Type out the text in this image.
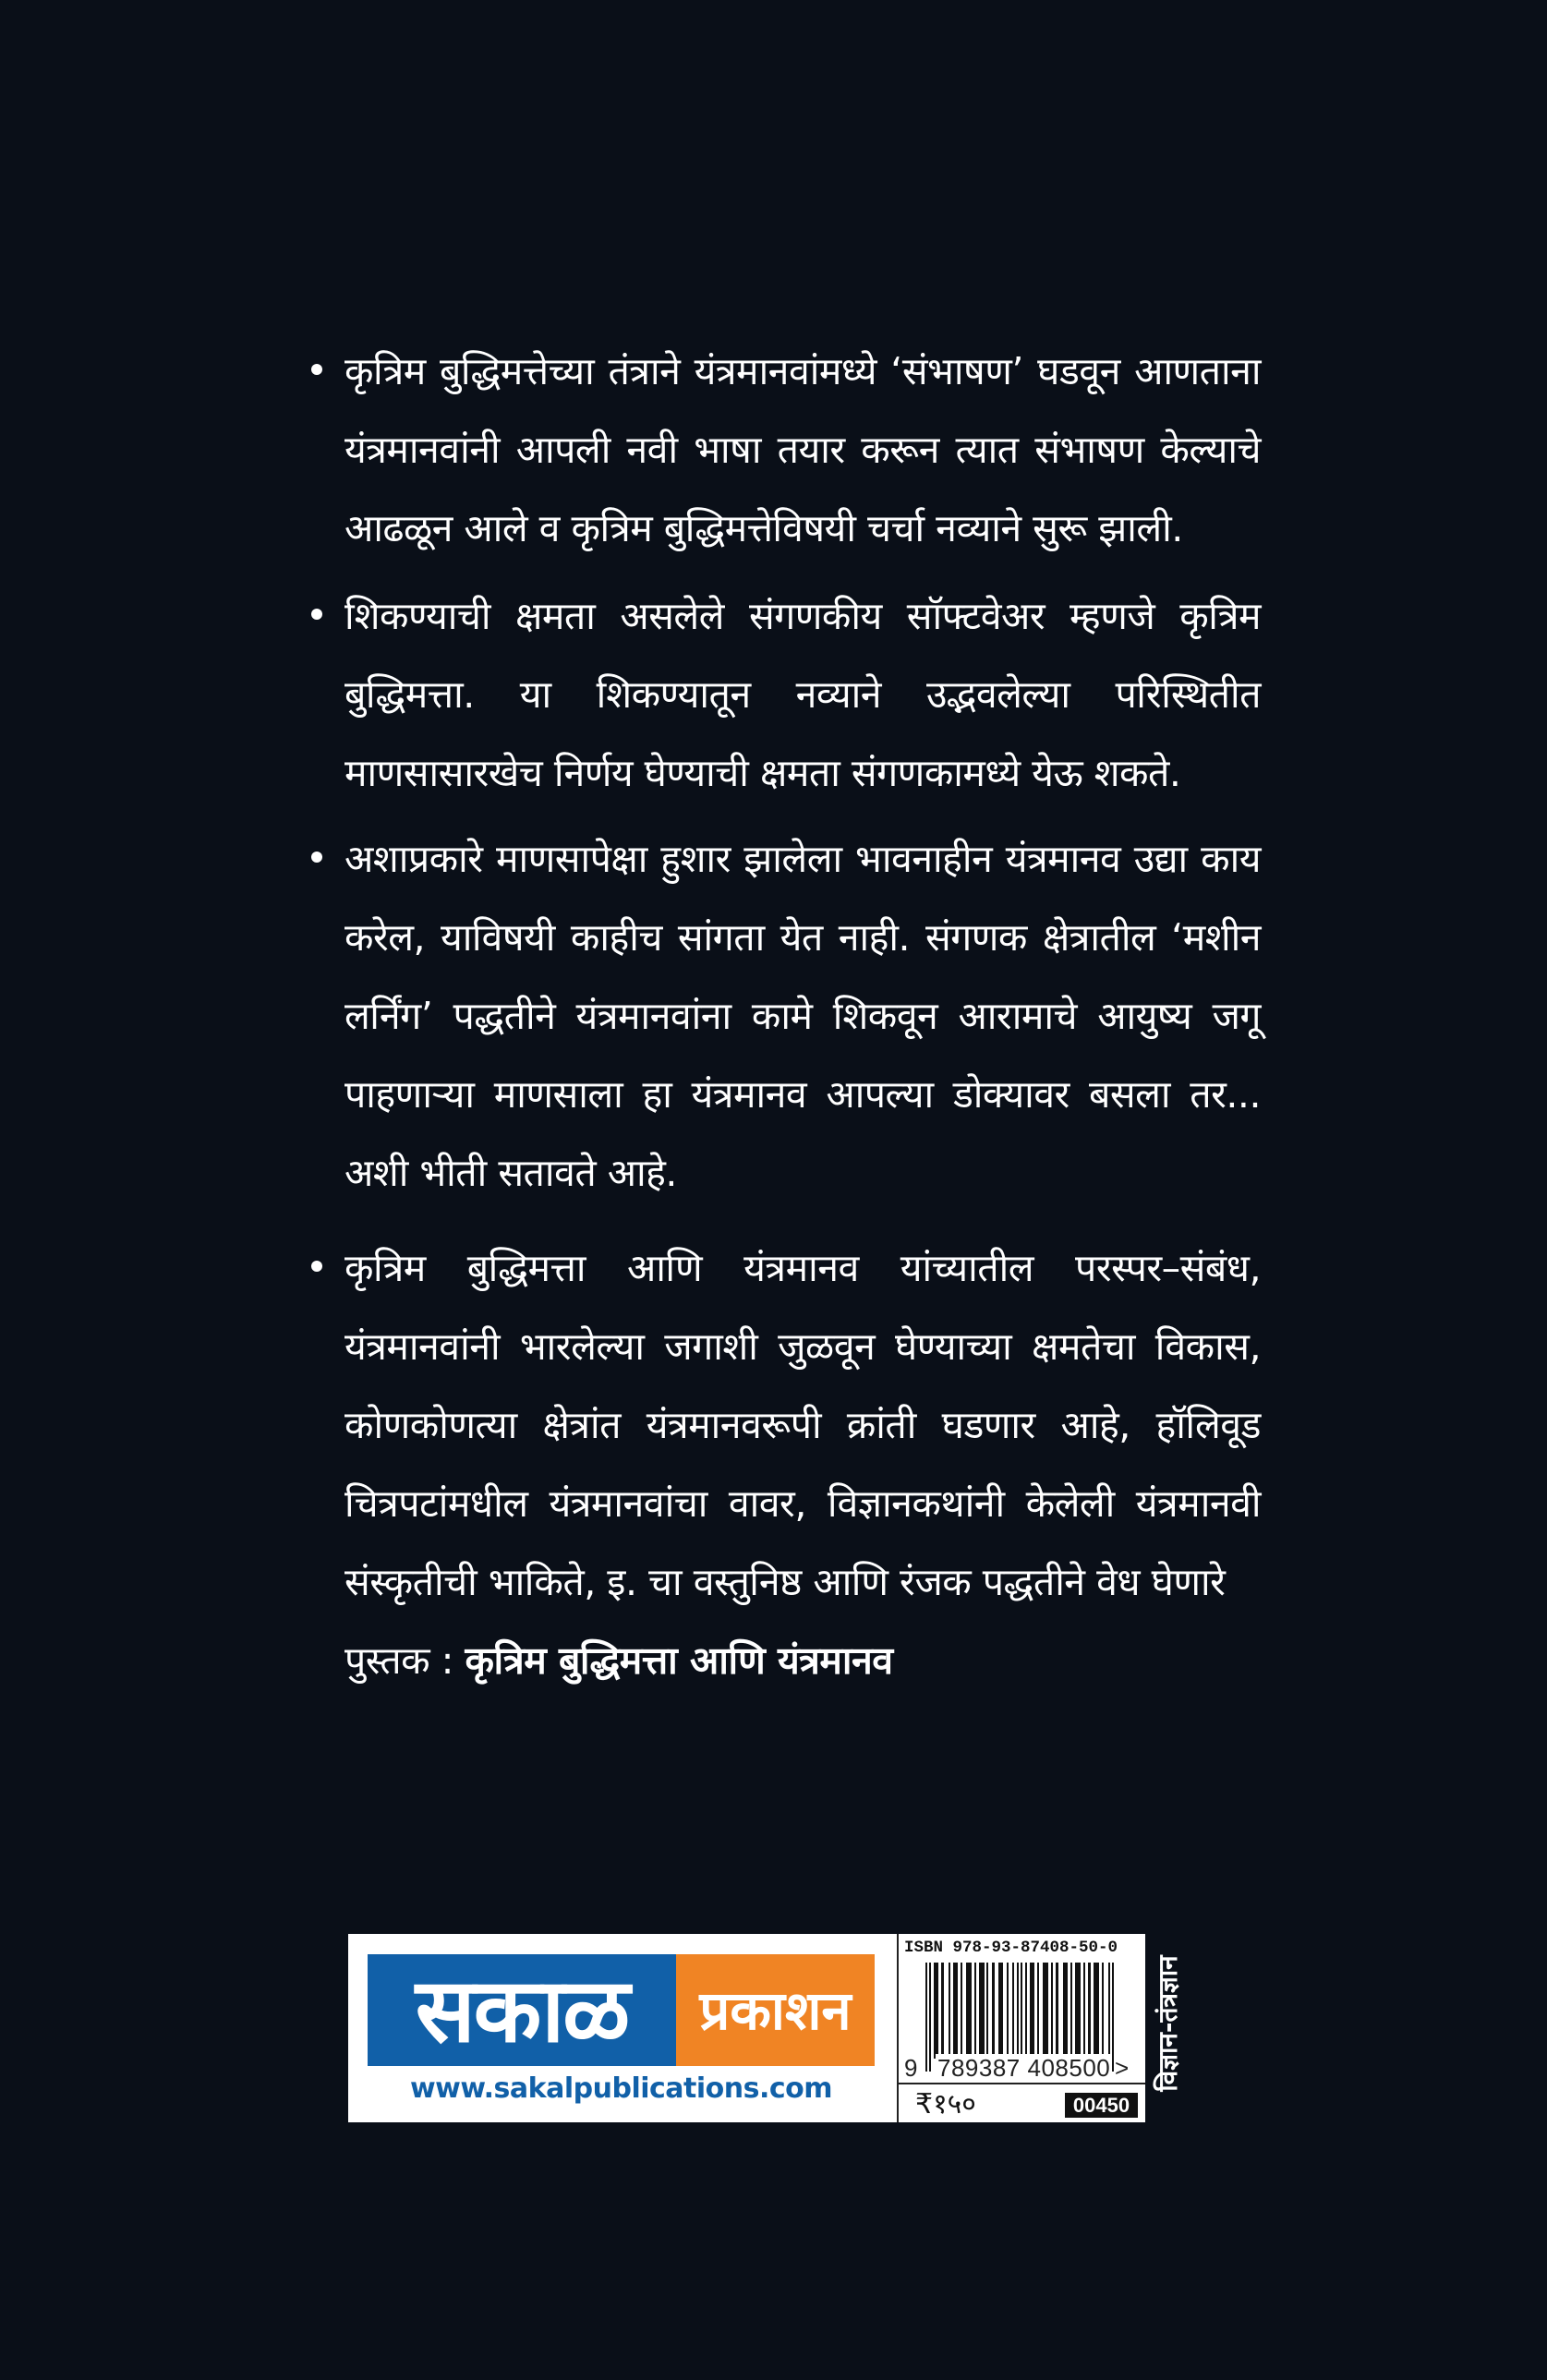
कृत्रिम बुद्धिमत्तेच्या तंत्राने यंत्रमानवांमध्ये ‘संभाषण’ घडवून आणताना यंत्रमानवांनी आपली नवी भाषा तयार करून त्यात संभाषण केल्याचे आढळून आले व कृत्रिम बुद्धिमत्तेविषयी चर्चा नव्याने सुरू झाली.

शिकण्याची क्षमता असलेले संगणकीय सॉफ्टवेअर म्हणजे कृत्रिम बुद्धिमत्ता. या शिकण्यातून नव्याने उद्भवलेल्या परिस्थितीत माणसासारखेच निर्णय घेण्याची क्षमता संगणकामध्ये येऊ शकते.

अशाप्रकारे माणसापेक्षा हुशार झालेला भावनाहीन यंत्रमानव उद्या काय करेल, याविषयी काहीच सांगता येत नाही. संगणक क्षेत्रातील ‘मशीन लर्निंग’ पद्धतीने यंत्रमानवांना कामे शिकवून आरामाचे आयुष्य जगू पाहणाऱ्या माणसाला हा यंत्रमानव आपल्या डोक्यावर बसला तर... अशी भीती सतावते आहे.

कृत्रिम बुद्धिमत्ता आणि यंत्रमानव यांच्यातील परस्पर–संबंध, यंत्रमानवांनी भारलेल्या जगाशी जुळवून घेण्याच्या क्षमतेचा विकास, कोणकोणत्या क्षेत्रांत यंत्रमानवरूपी क्रांती घडणार आहे, हॉलिवूड चित्रपटांमधील यंत्रमानवांचा वावर, विज्ञानकथांनी केलेली यंत्रमानवी संस्कृतीची भाकिते, इ. चा वस्तुनिष्ठ आणि रंजक पद्धतीने वेध घेणारे
पुस्तक : कृत्रिम बुद्धिमत्ता आणि यंत्रमानव

सकाळ प्रकाशन
www.sakalpublications.com
ISBN 978-93-87408-50-0
9 789387 408500 >
₹१५०	00450
विज्ञान-तंत्रज्ञान
